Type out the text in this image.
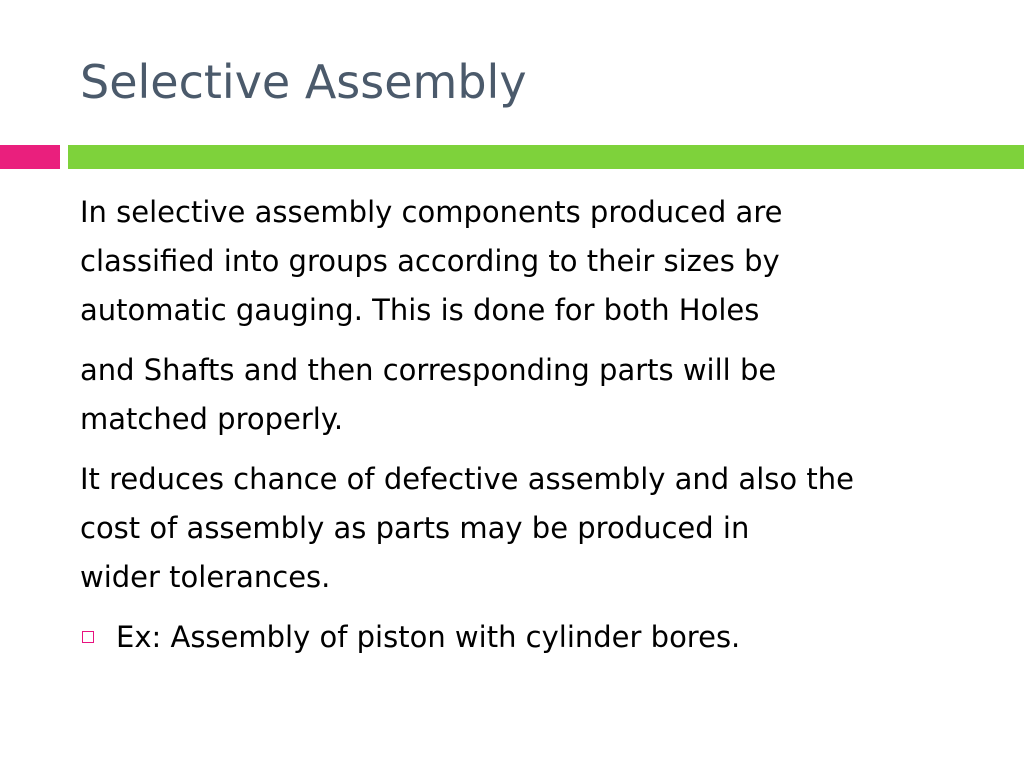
Selective Assembly

In selective assembly components produced are
classified into groups according to their sizes by
automatic gauging. This is done for both Holes

and Shafts and then corresponding parts will be
matched properly.

It reduces chance of defective assembly and also the
cost of assembly as parts may be produced in
wider tolerances.

Ex: Assembly of piston with cylinder bores.
